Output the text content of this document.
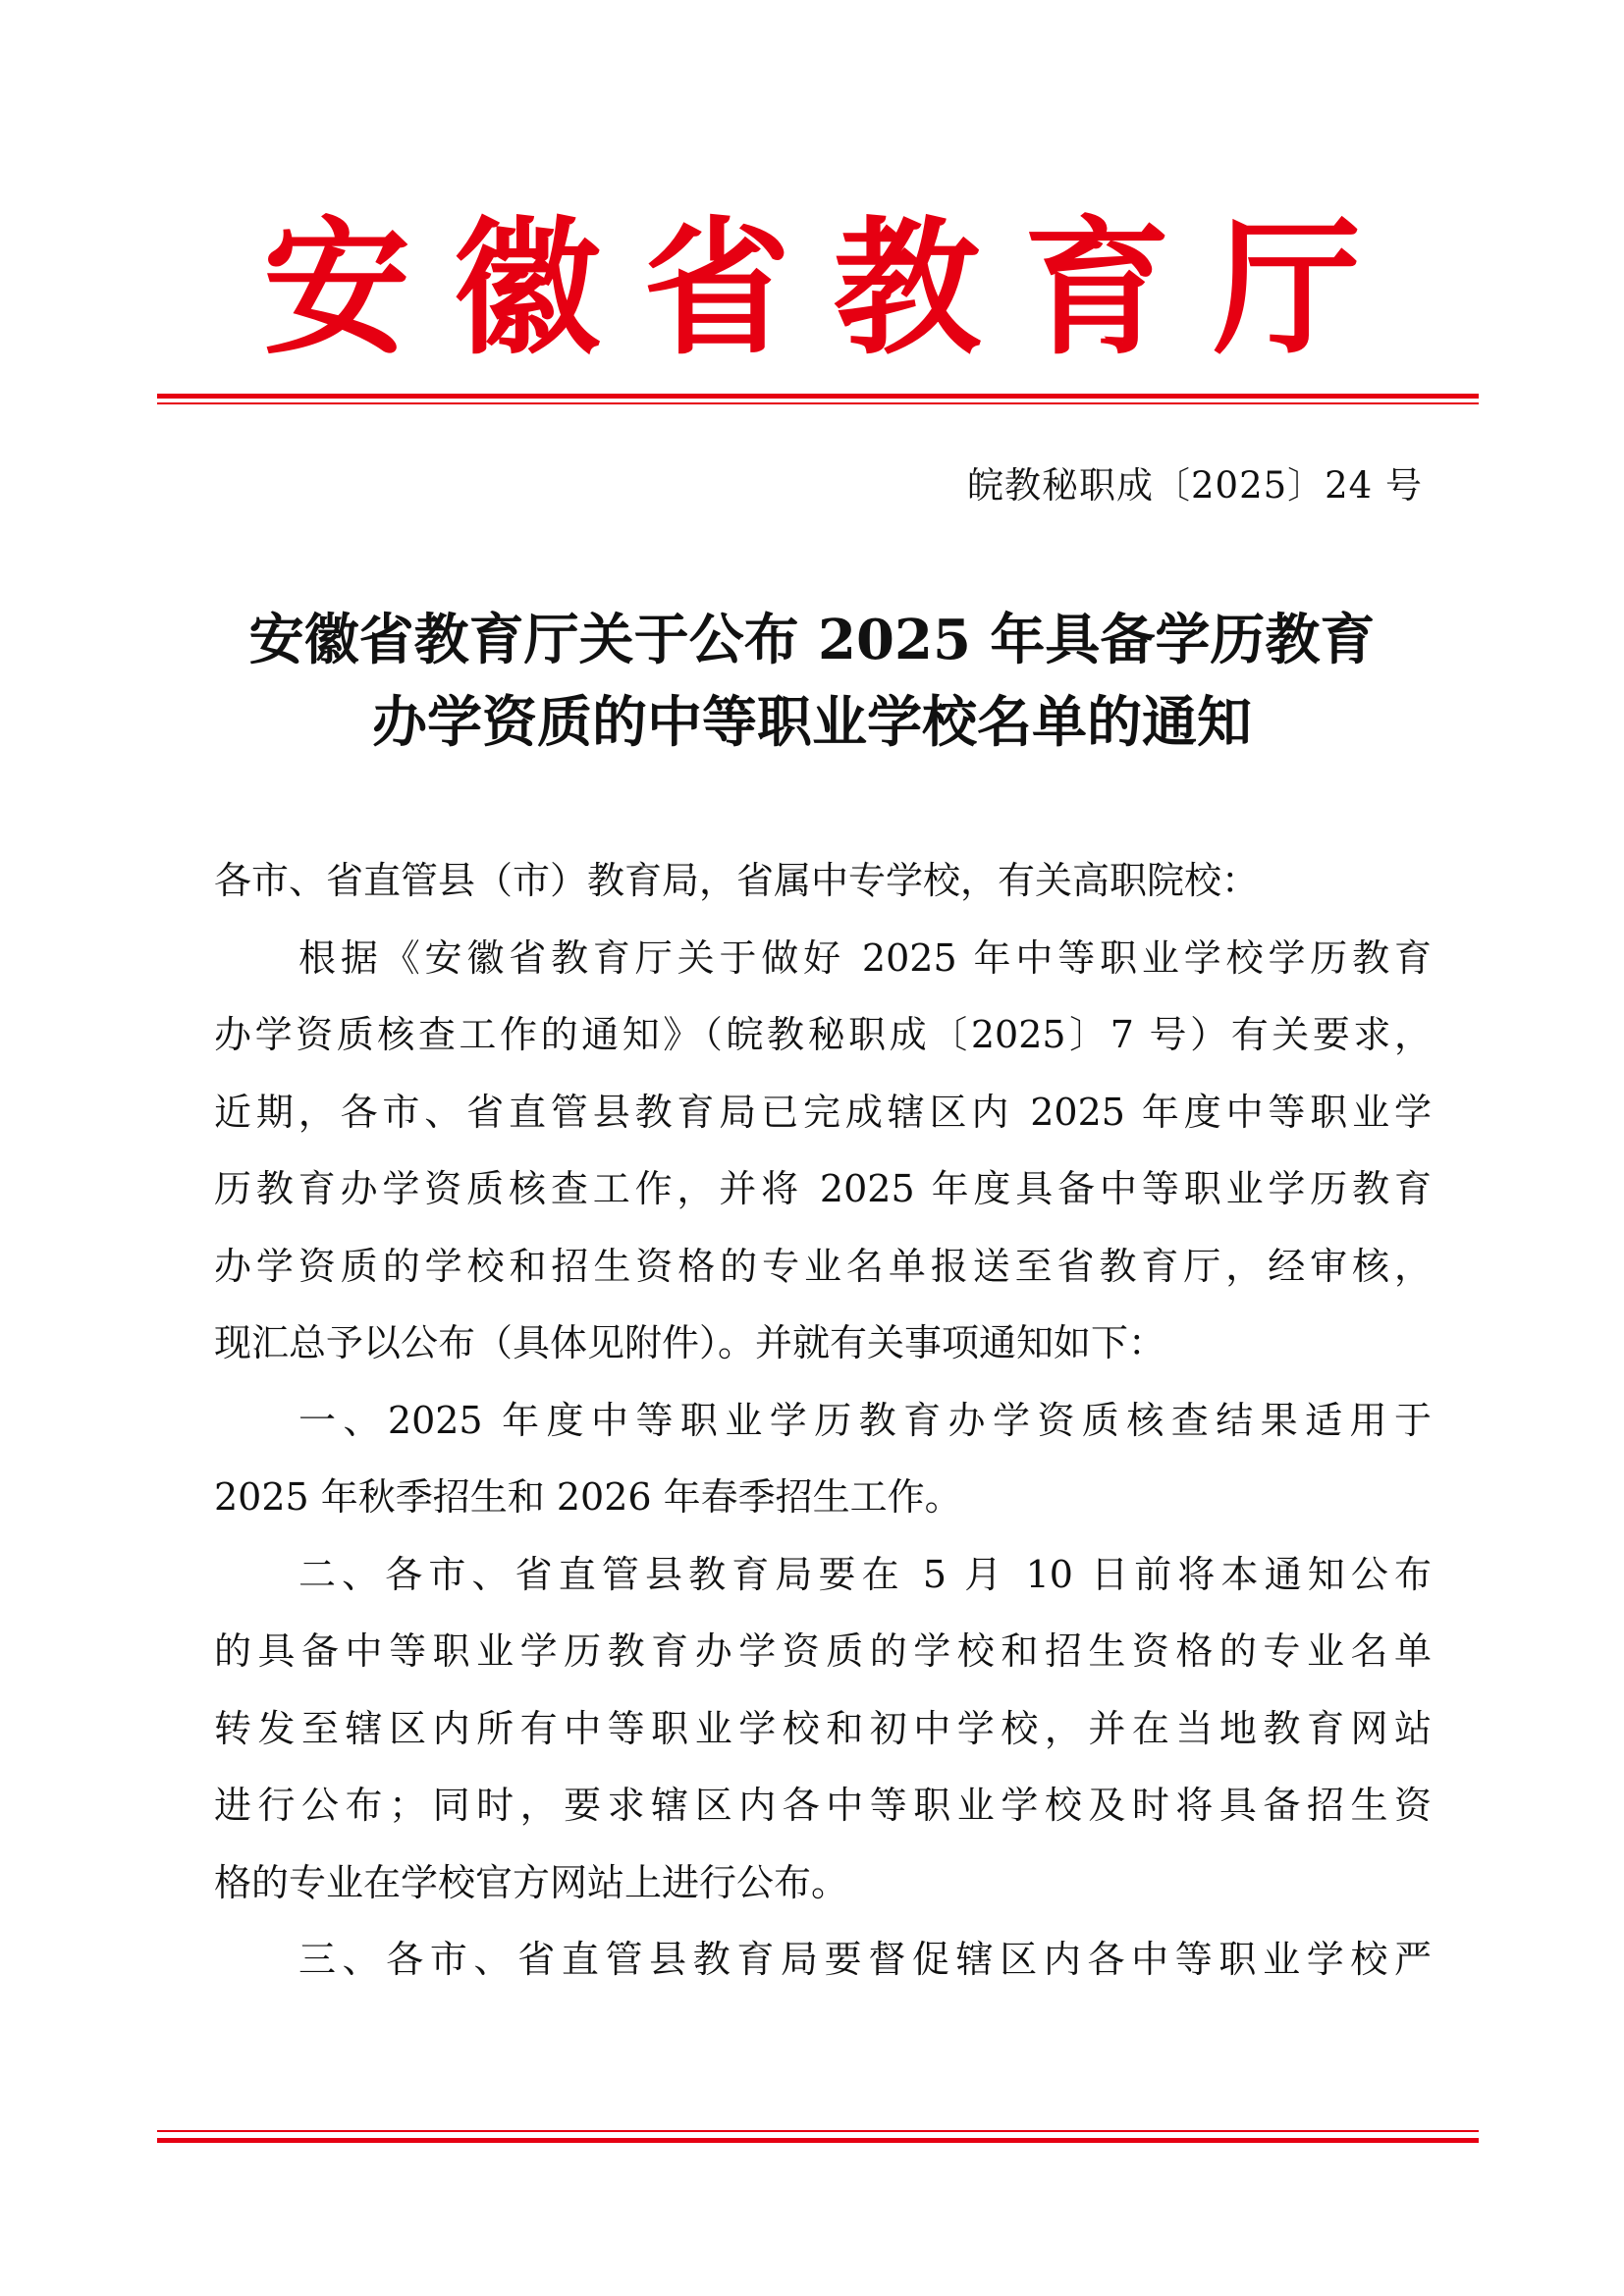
安 徽 省 教 育 厅
皖教秘职成〔2025〕24 号
安徽省教育厅关于公布 2025 年具备学历教育
办学资质的中等职业学校名单的通知
各市、省直管县（市）教育局，省属中专学校，有关高职院校：
根据《安徽省教育厅关于做好 2025 年中等职业学校学历教育
办学资质核查工作的通知》（皖教秘职成〔2025〕7 号）有关要求，
近期，各市、省直管县教育局已完成辖区内 2025 年度中等职业学
历教育办学资质核查工作，并将 2025 年度具备中等职业学历教育
办学资质的学校和招生资格的专业名单报送至省教育厅，经审核，
现汇总予以公布（具体见附件）。并就有关事项通知如下：
一、2025 年度中等职业学历教育办学资质核查结果适用于
2025 年秋季招生和 2026 年春季招生工作。
二、各市、省直管县教育局要在 5 月 10 日前将本通知公布
的具备中等职业学历教育办学资质的学校和招生资格的专业名单
转发至辖区内所有中等职业学校和初中学校，并在当地教育网站
进行公布；同时，要求辖区内各中等职业学校及时将具备招生资
格的专业在学校官方网站上进行公布。
三、各市、省直管县教育局要督促辖区内各中等职业学校严
